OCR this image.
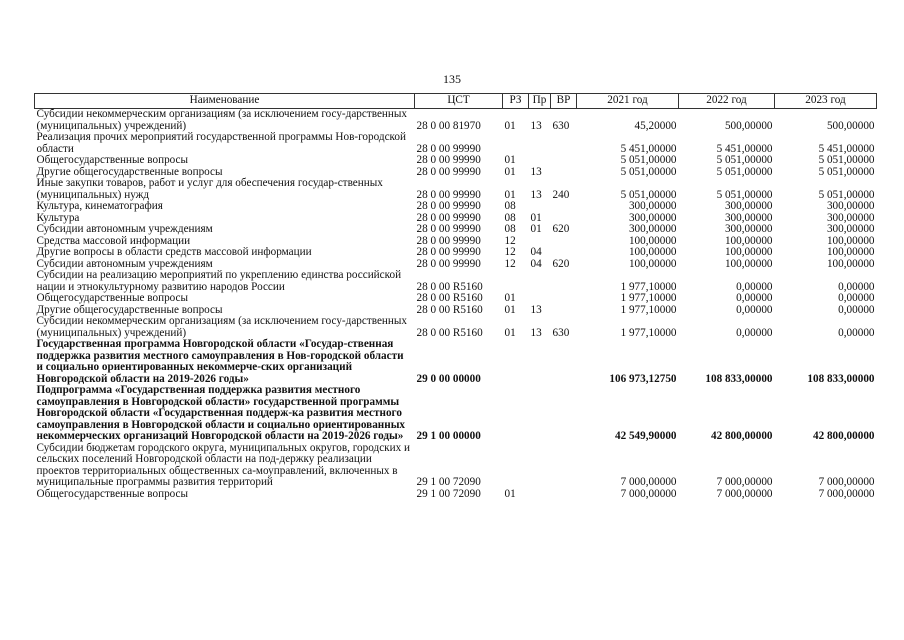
135
Наименование	ЦСТ	РЗ	Пр	ВР	2021 год	2022 год	2023 год
Субсидии некоммерческим организациям (за исключением госу-дарственных (муниципальных) учреждений)	28 0 00 81970	01	13	630	45,20000	500,00000	500,00000
Реализация прочих мероприятий государственной программы Нов-городской области	28 0 00 99990				5 451,00000	5 451,00000	5 451,00000
Общегосударственные вопросы	28 0 00 99990	01			5 051,00000	5 051,00000	5 051,00000
Другие общегосударственные вопросы	28 0 00 99990	01	13		5 051,00000	5 051,00000	5 051,00000
Иные закупки товаров, работ и услуг для обеспечения государ-ственных (муниципальных) нужд	28 0 00 99990	01	13	240	5 051,00000	5 051,00000	5 051,00000
Культура, кинематография	28 0 00 99990	08			300,00000	300,00000	300,00000
Культура	28 0 00 99990	08	01		300,00000	300,00000	300,00000
Субсидии автономным учреждениям	28 0 00 99990	08	01	620	300,00000	300,00000	300,00000
Средства массовой информации	28 0 00 99990	12			100,00000	100,00000	100,00000
Другие вопросы в области средств массовой информации	28 0 00 99990	12	04		100,00000	100,00000	100,00000
Субсидии автономным учреждениям	28 0 00 99990	12	04	620	100,00000	100,00000	100,00000
Субсидии на реализацию мероприятий по укреплению единства российской нации и этнокультурному развитию народов России	28 0 00 R5160				1 977,10000	0,00000	0,00000
Общегосударственные вопросы	28 0 00 R5160	01			1 977,10000	0,00000	0,00000
Другие общегосударственные вопросы	28 0 00 R5160	01	13		1 977,10000	0,00000	0,00000
Субсидии некоммерческим организациям (за исключением госу-дарственных (муниципальных) учреждений)	28 0 00 R5160	01	13	630	1 977,10000	0,00000	0,00000
Государственная программа Новгородской области «Государ-ственная поддержка развития местного самоуправления в Нов-городской области и социально ориентированных некоммерче-ских организаций Новгородской области на 2019-2026 годы»	29 0 00 00000				106 973,12750	108 833,00000	108 833,00000
Подпрограмма «Государственная поддержка развития местного самоуправления в Новгородской области» государственной программы Новгородской области «Государственная поддерж-ка развития местного самоуправления в Новгородской области и социально ориентированных некоммерческих организаций Новгородской области на 2019-2026 годы»	29 1 00 00000				42 549,90000	42 800,00000	42 800,00000
Субсидии бюджетам городского округа, муниципальных округов, городских и сельских поселений Новгородской области на под-держку реализации проектов территориальных общественных са-моуправлений, включенных в муниципальные программы развития территорий	29 1 00 72090				7 000,00000	7 000,00000	7 000,00000
Общегосударственные вопросы	29 1 00 72090	01			7 000,00000	7 000,00000	7 000,00000
